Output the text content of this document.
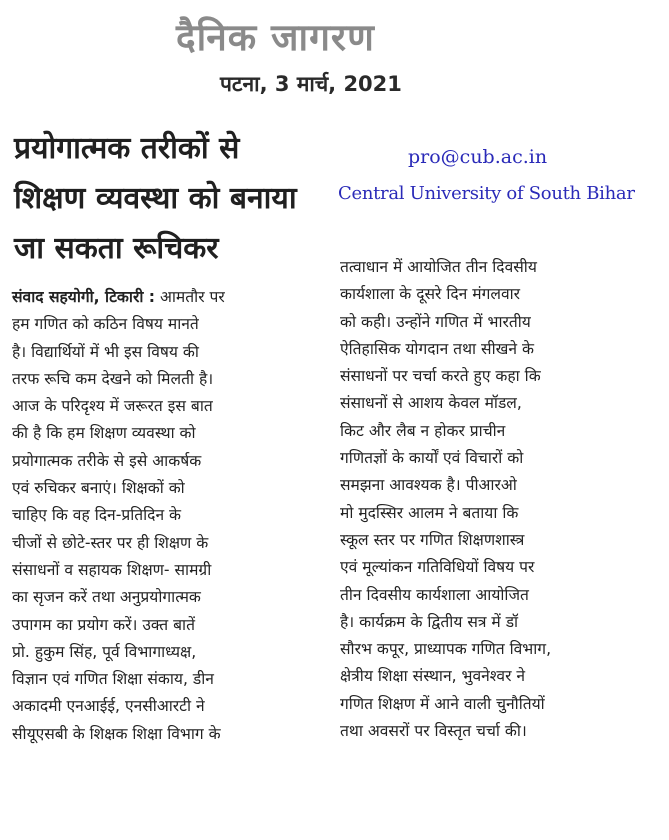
दैनिक जागरण
पटना, 3 मार्च, 2021
प्रयोगात्मक तरीकों से
शिक्षण व्यवस्था को बनाया
जा सकता रूचिकर
pro@cub.ac.in
Central University of South Bihar
संवाद सहयोगी, टिकारी : आमतौर पर
हम गणित को कठिन विषय मानते
है। विद्यार्थियों में भी इस विषय की
तरफ रूचि कम देखने को मिलती है।
आज के परिदृश्य में जरूरत इस बात
की है कि हम शिक्षण व्यवस्था को
प्रयोगात्मक तरीके से इसे आकर्षक
एवं रुचिकर बनाएं। शिक्षकों को
चाहिए कि वह दिन-प्रतिदिन के
चीजों से छोटे-स्तर पर ही शिक्षण के
संसाधनों व सहायक शिक्षण- सामग्री
का सृजन करें तथा अनुप्रयोगात्मक
उपागम का प्रयोग करें। उक्त बातें
प्रो. हुकुम सिंह, पूर्व विभागाध्यक्ष,
विज्ञान एवं गणित शिक्षा संकाय, डीन
अकादमी एनआईई, एनसीआरटी ने
सीयूएसबी के शिक्षक शिक्षा विभाग के
तत्वाधान में आयोजित तीन दिवसीय
कार्यशाला के दूसरे दिन मंगलवार
को कही। उन्होंने गणित में भारतीय
ऐतिहासिक योगदान तथा सीखने के
संसाधनों पर चर्चा करते हुए कहा कि
संसाधनों से आशय केवल मॉडल,
किट और लैब न होकर प्राचीन
गणितज्ञों के कार्यों एवं विचारों को
समझना आवश्यक है। पीआरओ
मो मुदस्सिर आलम ने बताया कि
स्कूल स्तर पर गणित शिक्षणशास्त्र
एवं मूल्यांकन गतिविधियों विषय पर
तीन दिवसीय कार्यशाला आयोजित
है। कार्यक्रम के द्वितीय सत्र में डॉ
सौरभ कपूर, प्राध्यापक गणित विभाग,
क्षेत्रीय शिक्षा संस्थान, भुवनेश्वर ने
गणित शिक्षण में आने वाली चुनौतियों
तथा अवसरों पर विस्तृत चर्चा की।
